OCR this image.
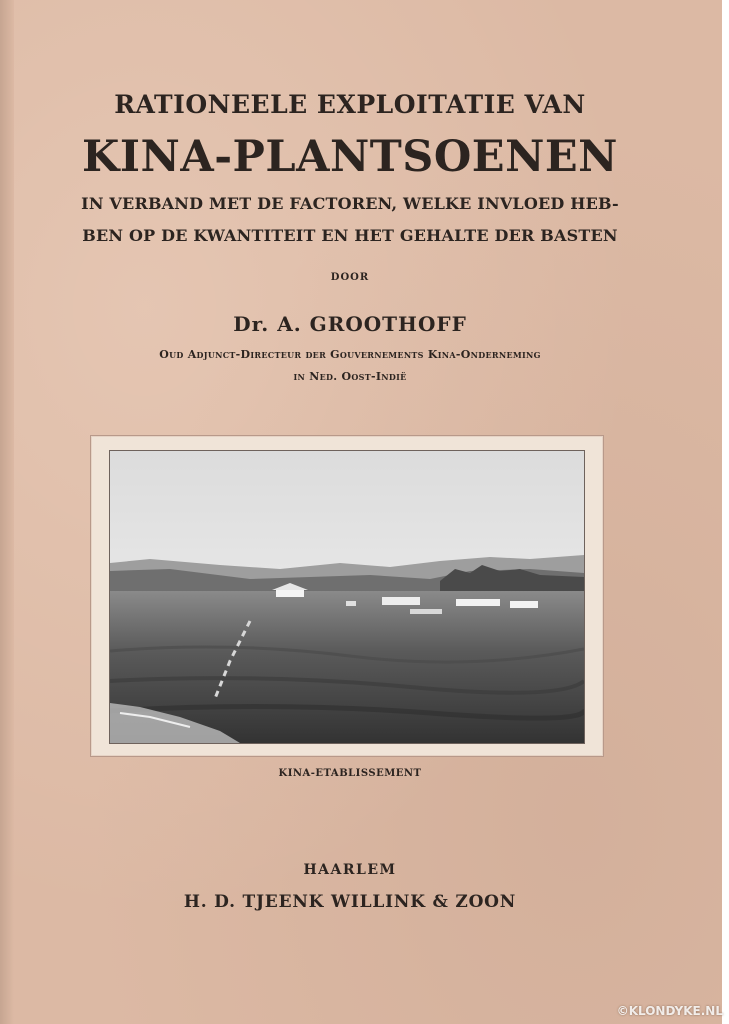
RATIONEELE EXPLOITATIE VAN
KINA-PLANTSOENEN
IN VERBAND MET DE FACTOREN, WELKE INVLOED HEB-
BEN OP DE KWANTITEIT EN HET GEHALTE DER BASTEN
DOOR
Dr. A. GROOTHOFF
Oud Adjunct-Directeur der Gouvernements Kina-Onderneming
in Ned. Oost-Indië
KINA-ETABLISSEMENT
HAARLEM
H. D. TJEENK WILLINK & ZOON
©KLONDYKE.NL
